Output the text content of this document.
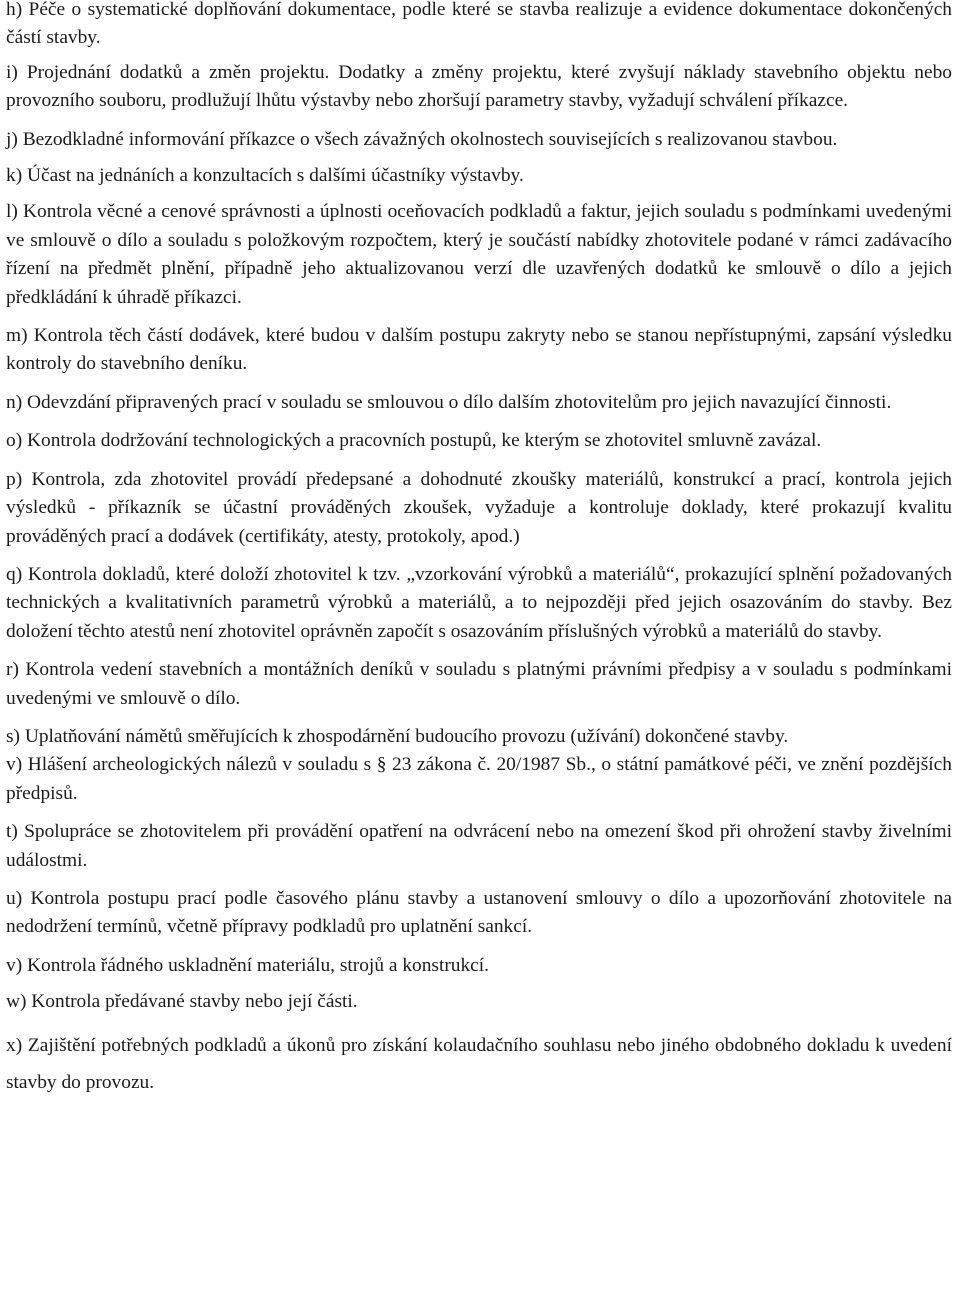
h) Péče o systematické doplňování dokumentace, podle které se stavba realizuje a evidence dokumentace dokončených částí stavby.

i) Projednání dodatků a změn projektu. Dodatky a změny projektu, které zvyšují náklady stavebního objektu nebo provozního souboru, prodlužují lhůtu výstavby nebo zhoršují parametry stavby, vyžadují schválení příkazce.

j) Bezodkladné informování příkazce o všech závažných okolnostech souvisejících s realizovanou stavbou.

k) Účast na jednáních a konzultacích s dalšími účastníky výstavby.

l) Kontrola věcné a cenové správnosti a úplnosti oceňovacích podkladů a faktur, jejich souladu s podmínkami uvedenými ve smlouvě o dílo a souladu s položkovým rozpočtem, který je součástí nabídky zhotovitele podané v rámci zadávacího řízení na předmět plnění, případně jeho aktualizovanou verzí dle uzavřených dodatků ke smlouvě o dílo a jejich předkládání k úhradě příkazci.

m) Kontrola těch částí dodávek, které budou v dalším postupu zakryty nebo se stanou nepřístupnými, zapsání výsledku kontroly do stavebního deníku.

n) Odevzdání připravených prací v souladu se smlouvou o dílo dalším zhotovitelům pro jejich navazující činnosti.

o) Kontrola dodržování technologických a pracovních postupů, ke kterým se zhotovitel smluvně zavázal.

p) Kontrola, zda zhotovitel provádí předepsané a dohodnuté zkoušky materiálů, konstrukcí a prací, kontrola jejich výsledků - příkazník se účastní prováděných zkoušek, vyžaduje a kontroluje doklady, které prokazují kvalitu prováděných prací a dodávek (certifikáty, atesty, protokoly, apod.)

q) Kontrola dokladů, které doloží zhotovitel k tzv. „vzorkování výrobků a materiálů“, prokazující splnění požadovaných technických a kvalitativních parametrů výrobků a materiálů, a to nejpozději před jejich osazováním do stavby. Bez doložení těchto atestů není zhotovitel oprávněn započít s osazováním příslušných výrobků a materiálů do stavby.

r) Kontrola vedení stavebních a montážních deníků v souladu s platnými právními předpisy a v souladu s podmínkami uvedenými ve smlouvě o dílo.

s) Uplatňování námětů směřujících k zhospodárnění budoucího provozu (užívání) dokončené stavby.

v) Hlášení archeologických nálezů v souladu s § 23 zákona č. 20/1987 Sb., o státní památkové péči, ve znění pozdějších předpisů.

t) Spolupráce se zhotovitelem při provádění opatření na odvrácení nebo na omezení škod při ohrožení stavby živelními událostmi.

u) Kontrola postupu prací podle časového plánu stavby a ustanovení smlouvy o dílo a upozorňování zhotovitele na nedodržení termínů, včetně přípravy podkladů pro uplatnění sankcí.

v) Kontrola řádného uskladnění materiálu, strojů a konstrukcí.

w) Kontrola předávané stavby nebo její části.

x) Zajištění potřebných podkladů a úkonů pro získání kolaudačního souhlasu nebo jiného obdobného dokladu k uvedení stavby do provozu.
